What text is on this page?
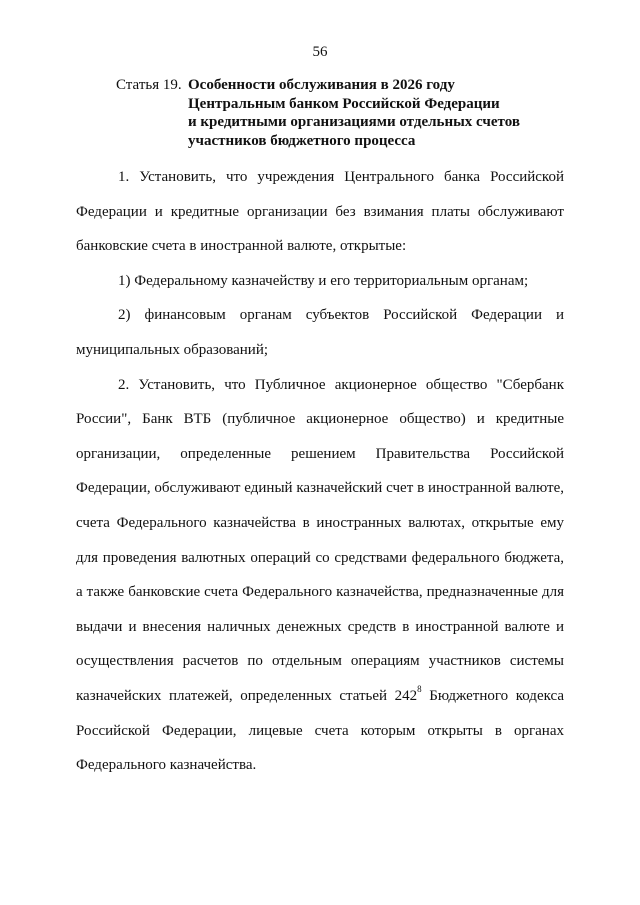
56
Статья 19. Особенности обслуживания в 2026 году
Центральным банком Российской Федерации
и кредитными организациями отдельных счетов
участников бюджетного процесса

1. Установить, что учреждения Центрального банка Российской Федерации и кредитные организации без взимания платы обслуживают банковские счета в иностранной валюте, открытые:

1) Федеральному казначейству и его территориальным органам;

2) финансовым органам субъектов Российской Федерации и муниципальных образований;

2. Установить, что Публичное акционерное общество "Сбербанк России", Банк ВТБ (публичное акционерное общество) и кредитные организации, определенные решением Правительства Российской Федерации, обслуживают единый казначейский счет в иностранной валюте, счета Федерального казначейства в иностранных валютах, открытые ему для проведения валютных операций со средствами федерального бюджета, а также банковские счета Федерального казначейства, предназначенные для выдачи и внесения наличных денежных средств в иностранной валюте и осуществления расчетов по отдельным операциям участников системы казначейских платежей, определенных статьей $242^8$ Бюджетного кодекса Российской Федерации, лицевые счета которым открыты в органах Федерального казначейства.
